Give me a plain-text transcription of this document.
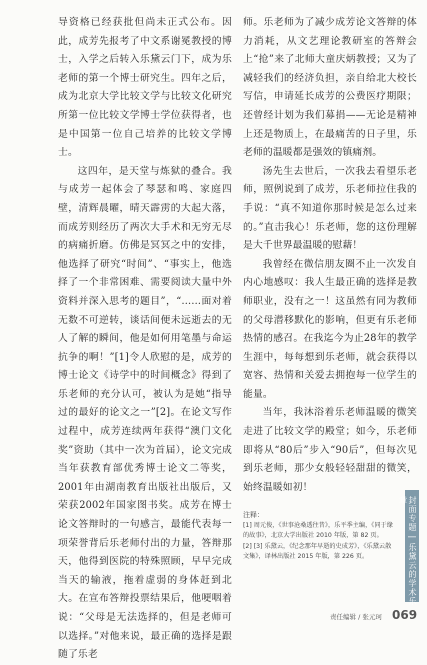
导资格已经获批但尚未正式公布。因此，成芳先报考了中文系谢冕教授的博士，入学之后转入乐黛云门下，成为乐老师的第一个博士研究生。四年之后，成为北京大学比较文学与比较文化研究所第一位比较文学博士学位获得者，也是中国第一位自己培养的比较文学博士。

这四年，是天堂与炼狱的叠合。我与成芳一起体会了琴瑟和鸣、家庭四壁，清辉晨曜，晴天霹雳的大起大落，而成芳则经历了两次大手术和无穷无尽的病痛折磨。仿佛是冥冥之中的安排，他选择了研究“时间”、“事实上，他选择了一个非常困难、需要阅读大量中外资料并深入思考的题目”，“……面对着无数不可逆转，谈话间便未远逝去的无人了解的瞬间，他是如何用笔墨与命运抗争的啊！”[1]令人欣慰的是，成芳的博士论文《诗学中的时间概念》得到了乐老师的充分认可，被认为是她“指导过的最好的论文之一”[2]。在论文写作过程中，成芳连续两年获得“澳门文化奖”资助（其中一次为首届），论文完成当年获教育部优秀博士论文二等奖，2001年由湖南教育出版社出版后，又荣获2002年国家图书奖。成芳在博士论文答辩时的一句感言，最能代表每一项荣誉背后乐老师付出的力量，答辩那天，他得到医院的特殊照顾，早早完成当天的输液，拖着虚弱的身体赶到北大。在宣布答辩投票结果后，他哽咽着说：“父母是无法选择的，但是老师可以选择。”对他来说，最正确的选择是跟随了乐老

师。乐老师为了减少成芳论文答辩的体力消耗，从文艺理论教研室的答辩会上“抢”来了北师大童庆炳教授；又为了减轻我们的经济负担，亲自给北大校长写信，申请延长成芳的公费医疗期限；还曾经计划为我们募捐——无论是精神上还是物质上，在最痛苦的日子里，乐老师的温暖都是强效的镇痛剂。

汤先生去世后，一次我去看望乐老师，照例说到了成芳，乐老师拉住我的手说：“真不知道你那时候是怎么过来的。”直击我心！乐老师，您的这份理解是大千世界最温暖的慰藉！

我曾经在微信朋友圈不止一次发自内心地感叹：我人生最正确的选择是教师职业，没有之一！这虽然有同为教师的父母潜移默化的影响，但更有乐老师热情的感召。在我迄今为止28年的教学生涯中，每每想到乐老师，就会获得以宽容、热情和关爱去拥抱每一位学生的能量。

当年，我沐浴着乐老师温暖的微笑走进了比较文学的殿堂；如今，乐老师即将从“80后”步入“90后”，但每次见到乐老师，那少女般轻轻甜甜的微笑，始终温暖如初！

注释：
[1] 周元俊，《世事沧桑透往昔》，乐平季主编，《同于缘的故事》，北京大学出版社 2010 年版，第 82 页。
[2] [3] 乐黛云，《纪念那年早逝的史成芳》，《乐黛云散文集》，译林出版社 2015 年版，第 226 页。	封面专题 | 乐黛云的学术乐章
责任编辑 / 张元珂 069
